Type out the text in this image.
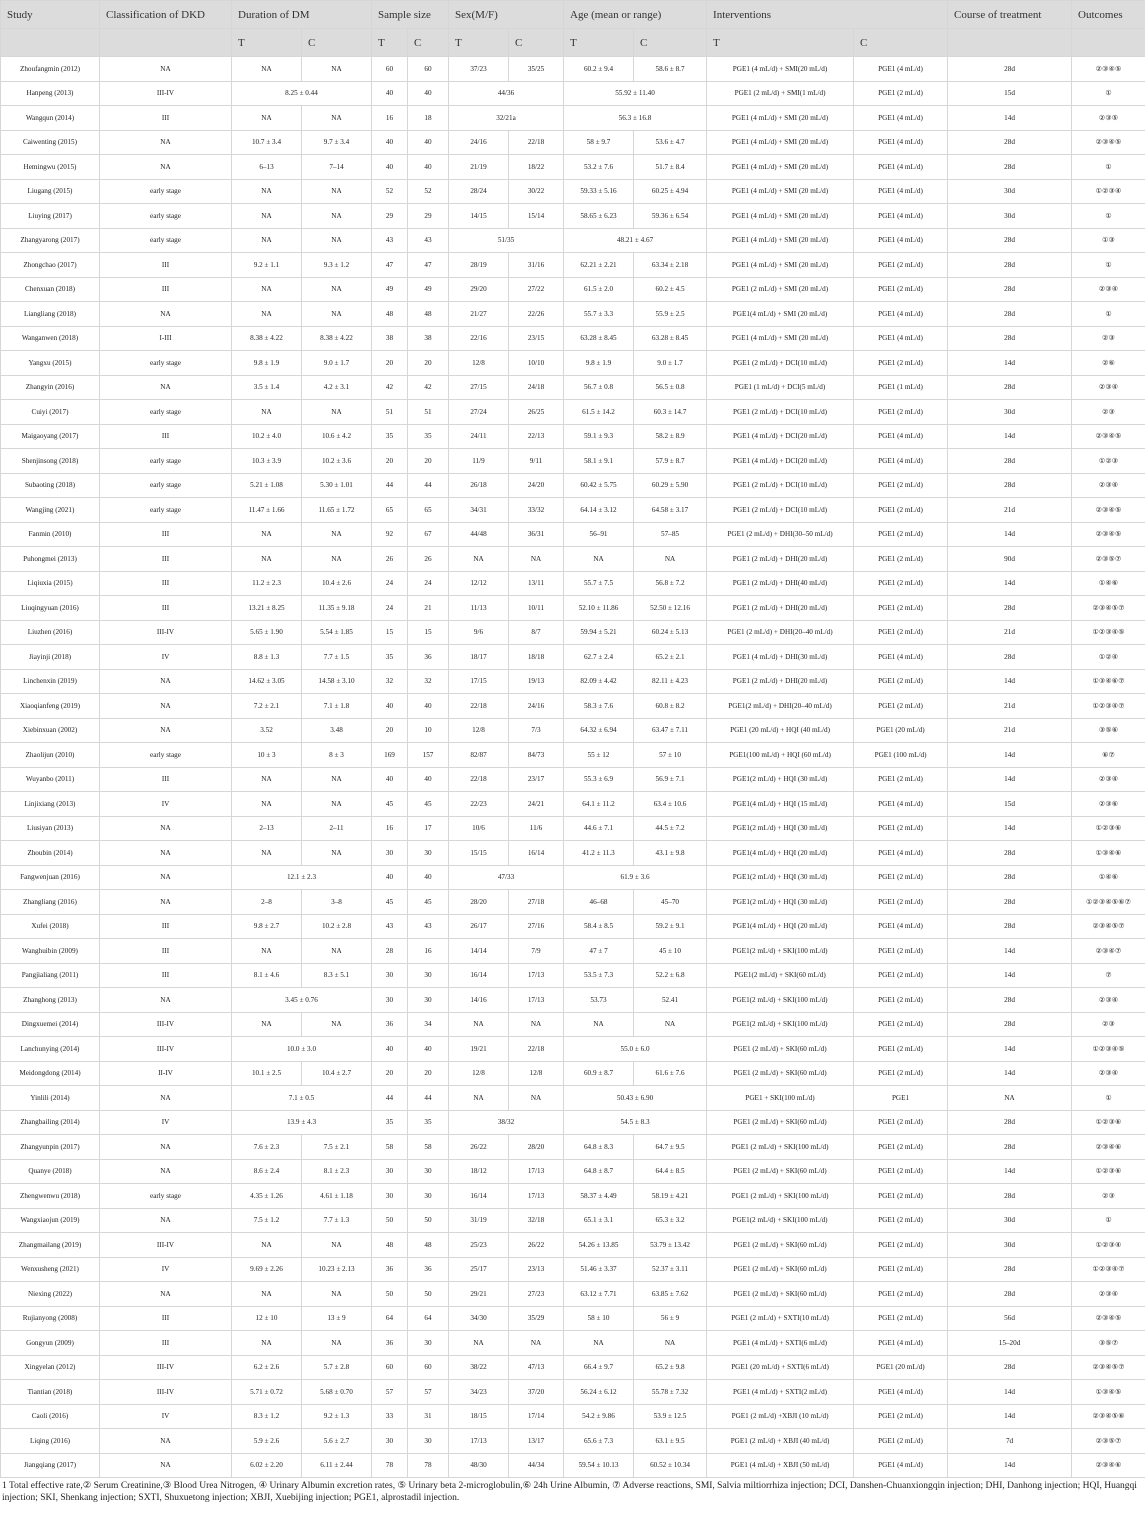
Study	Classification of DKD	Duration of DM		Sample size		Sex(M/F)		Age (mean or range)		Interventions		Course of treatment	Outcomes
		T	C	T	C	T	C	T	C	T	C		
Zhoufangmin (2012)	NA	NA	NA	60	60	37/23	35/25	60.2 ± 9.4	58.6 ± 8.7	PGE1 (4 mL/d) + SMI(20 mL/d)	PGE1 (4 mL/d)	28d	②③④⑤
Hanpeng (2013)	III-IV	8.25 ± 0.44		40	40	44/36		55.92 ± 11.40		PGE1 (2 mL/d) + SMI(1 mL/d)	PGE1 (2 mL/d)	15d	①
Wangqun (2014)	III	NA	NA	16	18	32/21a		56.3 ± 16.8		PGE1 (4 mL/d) + SMI (20 mL/d)	PGE1 (4 mL/d)	14d	②③⑤
Caiwenting (2015)	NA	10.7 ± 3.4	9.7 ± 3.4	40	40	24/16	22/18	58 ± 9.7	53.6 ± 4.7	PGE1 (4 mL/d) + SMI (20 mL/d)	PGE1 (4 mL/d)	28d	②③④⑤
Hemingwu (2015)	NA	6–13	7–14	40	40	21/19	18/22	53.2 ± 7.6	51.7 ± 8.4	PGE1 (4 mL/d) + SMI (20 mL/d)	PGE1 (4 mL/d)	28d	①
Liugang (2015)	early stage	NA	NA	52	52	28/24	30/22	59.33 ± 5.16	60.25 ± 4.94	PGE1 (4 mL/d) + SMI (20 mL/d)	PGE1 (4 mL/d)	30d	①②③④
Liuying (2017)	early stage	NA	NA	29	29	14/15	15/14	58.65 ± 6.23	59.36 ± 6.54	PGE1 (4 mL/d) + SMI (20 mL/d)	PGE1 (4 mL/d)	30d	①
Zhangyarong (2017)	early stage	NA	NA	43	43	51/35		48.21 ± 4.67		PGE1 (4 mL/d) + SMI (20 mL/d)	PGE1 (4 mL/d)	28d	①③
Zhongchao (2017)	III	9.2 ± 1.1	9.3 ± 1.2	47	47	28/19	31/16	62.21 ± 2.21	63.34 ± 2.18	PGE1 (4 mL/d) + SMI (20 mL/d)	PGE1 (2 mL/d)	28d	①
Chenxuan (2018)	III	NA	NA	49	49	29/20	27/22	61.5 ± 2.0	60.2 ± 4.5	PGE1 (2 mL/d) + SMI (20 mL/d)	PGE1 (2 mL/d)	28d	②③④
Liangliang (2018)	NA	NA	NA	48	48	21/27	22/26	55.7 ± 3.3	55.9 ± 2.5	PGE1(4 mL/d) + SMI (20 mL/d)	PGE1 (4 mL/d)	28d	①
Wanganwen (2018)	I-III	8.38 ± 4.22	8.38 ± 4.22	38	38	22/16	23/15	63.28 ± 8.45	63.28 ± 8.45	PGE1 (4 mL/d) + SMI (20 mL/d)	PGE1 (4 mL/d)	28d	②③
Yangxu (2015)	early stage	9.8 ± 1.9	9.0 ± 1.7	20	20	12/8	10/10	9.8 ± 1.9	9.0 ± 1.7	PGE1 (2 mL/d) + DCI(10 mL/d)	PGE1 (2 mL/d)	14d	②⑥
Zhangyin (2016)	NA	3.5 ± 1.4	4.2 ± 3.1	42	42	27/15	24/18	56.7 ± 0.8	56.5 ± 0.8	PGE1 (1 mL/d) + DCI(5 mL/d)	PGE1 (1 mL/d)	28d	②③④
Cuiyi (2017)	early stage	NA	NA	51	51	27/24	26/25	61.5 ± 14.2	60.3 ± 14.7	PGE1 (2 mL/d) + DCI(10 mL/d)	PGE1 (2 mL/d)	30d	②③
Maigaoyang (2017)	III	10.2 ± 4.0	10.6 ± 4.2	35	35	24/11	22/13	59.1 ± 9.3	58.2 ± 8.9	PGE1 (4 mL/d) + DCI(20 mL/d)	PGE1 (4 mL/d)	14d	②③④⑤
Shenjinsong (2018)	early stage	10.3 ± 3.9	10.2 ± 3.6	20	20	11/9	9/11	58.1 ± 9.1	57.9 ± 8.7	PGE1 (4 mL/d) + DCI(20 mL/d)	PGE1 (4 mL/d)	28d	①②③
Subaoting (2018)	early stage	5.21 ± 1.08	5.30 ± 1.01	44	44	26/18	24/20	60.42 ± 5.75	60.29 ± 5.90	PGE1 (2 mL/d) + DCI(10 mL/d)	PGE1 (2 mL/d)	28d	②③④
Wangjing (2021)	early stage	11.47 ± 1.66	11.65 ± 1.72	65	65	34/31	33/32	64.14 ± 3.12	64.58 ± 3.17	PGE1 (2 mL/d) + DCI(10 mL/d)	PGE1 (2 mL/d)	21d	②③④⑤
Fanmin (2010)	III	NA	NA	92	67	44/48	36/31	56–91	57–85	PGE1 (2 mL/d) + DHI(30–50 mL/d)	PGE1 (2 mL/d)	14d	②③④⑤
Puhongmei (2013)	III	NA	NA	26	26	NA	NA	NA	NA	PGE1 (2 mL/d) + DHI(20 mL/d)	PGE1 (2 mL/d)	90d	②③⑤⑦
Liqiuxia (2015)	III	11.2 ± 2.3	10.4 ± 2.6	24	24	12/12	13/11	55.7 ± 7.5	56.8 ± 7.2	PGE1 (2 mL/d) + DHI(40 mL/d)	PGE1 (2 mL/d)	14d	①④⑥
Liuqingyuan (2016)	III	13.21 ± 8.25	11.35 ± 9.18	24	21	11/13	10/11	52.10 ± 11.86	52.50 ± 12.16	PGE1 (2 mL/d) + DHI(20 mL/d)	PGE1 (2 mL/d)	28d	②③④⑤⑦
Liuzhen (2016)	III-IV	5.65 ± 1.90	5.54 ± 1.85	15	15	9/6	8/7	59.94 ± 5.21	60.24 ± 5.13	PGE1 (2 mL/d) + DHI(20–40 mL/d)	PGE1 (2 mL/d)	21d	①②③④⑤
Jiayinji (2018)	IV	8.8 ± 1.3	7.7 ± 1.5	35	36	18/17	18/18	62.7 ± 2.4	65.2 ± 2.1	PGE1 (4 mL/d) + DHI(30 mL/d)	PGE1 (4 mL/d)	28d	①②④
Linchenxin (2019)	NA	14.62 ± 3.05	14.58 ± 3.10	32	32	17/15	19/13	82.09 ± 4.42	82.11 ± 4.23	PGE1 (2 mL/d) + DHI(20 mL/d)	PGE1 (2 mL/d)	14d	①③④⑥⑦
Xiaoqianfeng (2019)	NA	7.2 ± 2.1	7.1 ± 1.8	40	40	22/18	24/16	58.3 ± 7.6	60.8 ± 8.2	PGE1(2 mL/d) + DHI(20–40 mL/d)	PGE1 (2 mL/d)	21d	①②③④⑦
Xiebinxuan (2002)	NA	3.52	3.48	20	10	12/8	7/3	64.32 ± 6.94	63.47 ± 7.11	PGE1 (20 mL/d) + HQI (40 mL/d)	PGE1 (20 mL/d)	21d	③⑤⑥
Zhaolijun (2010)	early stage	10 ± 3	8 ± 3	169	157	82/87	84/73	55 ± 12	57 ± 10	PGE1(100 mL/d) + HQI (60 mL/d)	PGE1 (100 mL/d)	14d	⑥⑦
Wuyanbo (2011)	III	NA	NA	40	40	22/18	23/17	55.3 ± 6.9	56.9 ± 7.1	PGE1(2 mL/d) + HQI (30 mL/d)	PGE1 (2 mL/d)	14d	②③④
Linjixiang (2013)	IV	NA	NA	45	45	22/23	24/21	64.1 ± 11.2	63.4 ± 10.6	PGE1(4 mL/d) + HQI (15 mL/d)	PGE1 (4 mL/d)	15d	②③⑥
Liusiyan (2013)	NA	2–13	2–11	16	17	10/6	11/6	44.6 ± 7.1	44.5 ± 7.2	PGE1(2 mL/d) + HQI (30 mL/d)	PGE1 (2 mL/d)	14d	①②③⑥
Zhoubin (2014)	NA	NA	NA	30	30	15/15	16/14	41.2 ± 11.3	43.1 ± 9.8	PGE1(4 mL/d) + HQI (20 mL/d)	PGE1 (4 mL/d)	28d	①③④⑥
Fangwenjuan (2016)	NA	12.1 ± 2.3		40	40	47/33		61.9 ± 3.6		PGE1(2 mL/d) + HQI (30 mL/d)	PGE1 (2 mL/d)	28d	①④⑥
Zhangliang (2016)	NA	2–8	3–8	45	45	28/20	27/18	46–68	45–70	PGE1(2 mL/d) + HQI (30 mL/d)	PGE1 (2 mL/d)	28d	①②③④⑤⑥⑦
Xufei (2018)	III	9.8 ± 2.7	10.2 ± 2.8	43	43	26/17	27/16	58.4 ± 8.5	59.2 ± 9.1	PGE1(4 mL/d) + HQI (20 mL/d)	PGE1 (4 mL/d)	28d	②③④⑤⑦
Wanghuibin (2009)	III	NA	NA	28	16	14/14	7/9	47 ± 7	45 ± 10	PGE1(2 mL/d) + SKI(100 mL/d)	PGE1 (2 mL/d)	14d	②③④⑦
Pangjialiang (2011)	III	8.1 ± 4.6	8.3 ± 5.1	30	30	16/14	17/13	53.5 ± 7.3	52.2 ± 6.8	PGE1(2 mL/d) + SKI(60 mL/d)	PGE1 (2 mL/d)	14d	⑦
Zhanghong (2013)	NA	3.45 ± 0.76		30	30	14/16	17/13	53.73	52.41	PGE1(2 mL/d) + SKI(100 mL/d)	PGE1 (2 mL/d)	28d	②③④
Dingxuemei (2014)	III-IV	NA	NA	36	34	NA	NA	NA	NA	PGE1(2 mL/d) + SKI(100 mL/d)	PGE1 (2 mL/d)	28d	②③
Lanchunying (2014)	III-IV	10.0 ± 3.0		40	40	19/21	22/18	55.0 ± 6.0		PGE1 (2 mL/d) + SKI(60 mL/d)	PGE1 (2 mL/d)	14d	①②③④⑤
Meidongdong (2014)	II-IV	10.1 ± 2.5	10.4 ± 2.7	20	20	12/8	12/8	60.9 ± 8.7	61.6 ± 7.6	PGE1 (2 mL/d) + SKI(60 mL/d)	PGE1 (2 mL/d)	14d	②③④
Yinlili (2014)	NA	7.1 ± 0.5		44	44	NA	NA	50.43 ± 6.90		PGE1 + SKI(100 mL/d)	PGE1	NA	①
Zhangbailing (2014)	IV	13.9 ± 4.3		35	35	38/32		54.5 ± 8.3		PGE1 (2 mL/d) + SKI(60 mL/d)	PGE1 (2 mL/d)	28d	①②③⑥
Zhangyunpin (2017)	NA	7.6 ± 2.3	7.5 ± 2.1	58	58	26/22	28/20	64.8 ± 8.3	64.7 ± 9.5	PGE1 (2 mL/d) + SKI(100 mL/d)	PGE1 (2 mL/d)	28d	②③④⑥
Quanye (2018)	NA	8.6 ± 2.4	8.1 ± 2.3	30	30	18/12	17/13	64.8 ± 8.7	64.4 ± 8.5	PGE1 (2 mL/d) + SKI(60 mL/d)	PGE1 (2 mL/d)	14d	①②③⑥
Zhengwenwu (2018)	early stage	4.35 ± 1.26	4.61 ± 1.18	30	30	16/14	17/13	58.37 ± 4.49	58.19 ± 4.21	PGE1 (2 mL/d) + SKI(100 mL/d)	PGE1 (2 mL/d)	28d	②③
Wangxiaojun (2019)	NA	7.5 ± 1.2	7.7 ± 1.3	50	50	31/19	32/18	65.1 ± 3.1	65.3 ± 3.2	PGE1(2 mL/d) + SKI(100 mL/d)	PGE1 (2 mL/d)	30d	①
Zhangmailang (2019)	III-IV	NA	NA	48	48	25/23	26/22	54.26 ± 13.85	53.79 ± 13.42	PGE1 (2 mL/d) + SKI(60 mL/d)	PGE1 (2 mL/d)	30d	①②③④
Wenxusheng (2021)	IV	9.69 ± 2.26	10.23 ± 2.13	36	36	25/17	23/13	51.46 ± 3.37	52.37 ± 3.11	PGE1 (2 mL/d) + SKI(60 mL/d)	PGE1 (2 mL/d)	28d	①②③④⑦
Niexing (2022)	NA	NA	NA	50	50	29/21	27/23	63.12 ± 7.71	63.85 ± 7.62	PGE1 (2 mL/d) + SKI(60 mL/d)	PGE1 (2 mL/d)	28d	②③④
Rujianyong (2008)	III	12 ± 10	13 ± 9	64	64	34/30	35/29	58 ± 10	56 ± 9	PGE1 (2 mL/d) + SXTI(10 mL/d)	PGE1 (2 mL/d)	56d	②③④⑤
Gongyun (2009)	III	NA	NA	36	30	NA	NA	NA	NA	PGE1 (4 mL/d) + SXTI(6 mL/d)	PGE1 (4 mL/d)	15–20d	③⑤⑦
Xingyelan (2012)	III-IV	6.2 ± 2.6	5.7 ± 2.8	60	60	38/22	47/13	66.4 ± 9.7	65.2 ± 9.8	PGE1 (20 mL/d) + SXTI(6 mL/d)	PGE1 (20 mL/d)	28d	②③④⑤⑦
Tiantian (2018)	III-IV	5.71 ± 0.72	5.68 ± 0.70	57	57	34/23	37/20	56.24 ± 6.12	55.78 ± 7.32	PGE1 (4 mL/d) + SXTI(2 mL/d)	PGE1 (4 mL/d)	14d	①③④⑤
Caoli (2016)	IV	8.3 ± 1.2	9.2 ± 1.3	33	31	18/15	17/14	54.2 ± 9.86	53.9 ± 12.5	PGE1 (2 mL/d) +XBJI (10 mL/d)	PGE1 (2 mL/d)	14d	②③④⑤⑥
Liqing (2016)	NA	5.9 ± 2.6	5.6 ± 2.7	30	30	17/13	13/17	65.6 ± 7.3	63.1 ± 9.5	PGE1 (2 mL/d) + XBJI (40 mL/d)	PGE1 (2 mL/d)	7d	②③⑤⑦
Jiangqiang (2017)	NA	6.02 ± 2.20	6.11 ± 2.44	78	78	48/30	44/34	59.54 ± 10.13	60.52 ± 10.34	PGE1 (4 mL/d) + XBJI (50 mL/d)	PGE1 (4 mL/d)	14d	②③④⑥
1 Total effective rate,② Serum Creatinine,③ Blood Urea Nitrogen, ④ Urinary Albumin excretion rates, ⑤ Urinary beta 2-microglobulin,⑥ 24h Urine Albumin, ⑦ Adverse reactions, SMI, Salvia miltiorrhiza injection; DCI, Danshen-Chuanxiongqin injection; DHI, Danhong injection; HQI, Huangqi injection; SKI, Shenkang injection; SXTI, Shuxuetong injection; XBJI, Xuebijing injection; PGE1, alprostadil injection.
